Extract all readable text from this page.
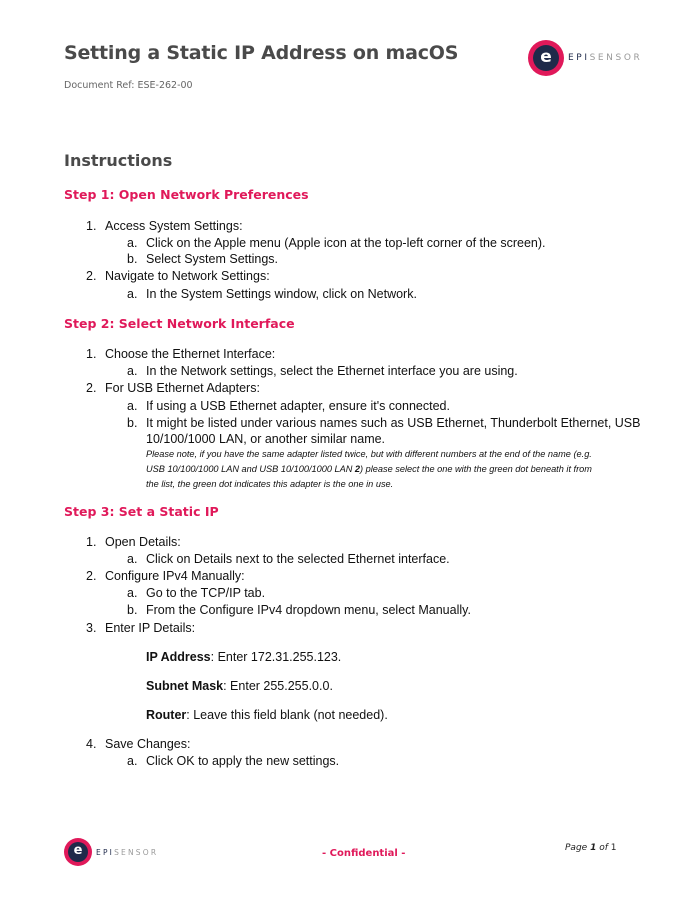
Setting a Static IP Address on macOS
Document Ref: ESE-262-00
e	EPISENSOR
Instructions
Step 1: Open Network Preferences
1. Access System Settings:
a. Click on the Apple menu (Apple icon at the top-left corner of the screen).
b. Select System Settings.
2. Navigate to Network Settings:
a. In the System Settings window, click on Network.
Step 2: Select Network Interface
1. Choose the Ethernet Interface:
a. In the Network settings, select the Ethernet interface you are using.
2. For USB Ethernet Adapters:
a. If using a USB Ethernet adapter, ensure it's connected.
b. It might be listed under various names such as USB Ethernet, Thunderbolt Ethernet, USB
10/100/1000 LAN, or another similar name.
Please note, if you have the same adapter listed twice, but with different numbers at the end of the name (e.g.
USB 10/100/1000 LAN and USB 10/100/1000 LAN 2) please select the one with the green dot beneath it from
the list, the green dot indicates this adapter is the one in use.
Step 3: Set a Static IP
1. Open Details:
a. Click on Details next to the selected Ethernet interface.
2. Configure IPv4 Manually:
a. Go to the TCP/IP tab.
b. From the Configure IPv4 dropdown menu, select Manually.
3. Enter IP Details:
IP Address: Enter 172.31.255.123.
Subnet Mask: Enter 255.255.0.0.
Router: Leave this field blank (not needed).
4. Save Changes:
a. Click OK to apply the new settings.
e	EPISENSOR	- Confidential -	Page 1 of 1
